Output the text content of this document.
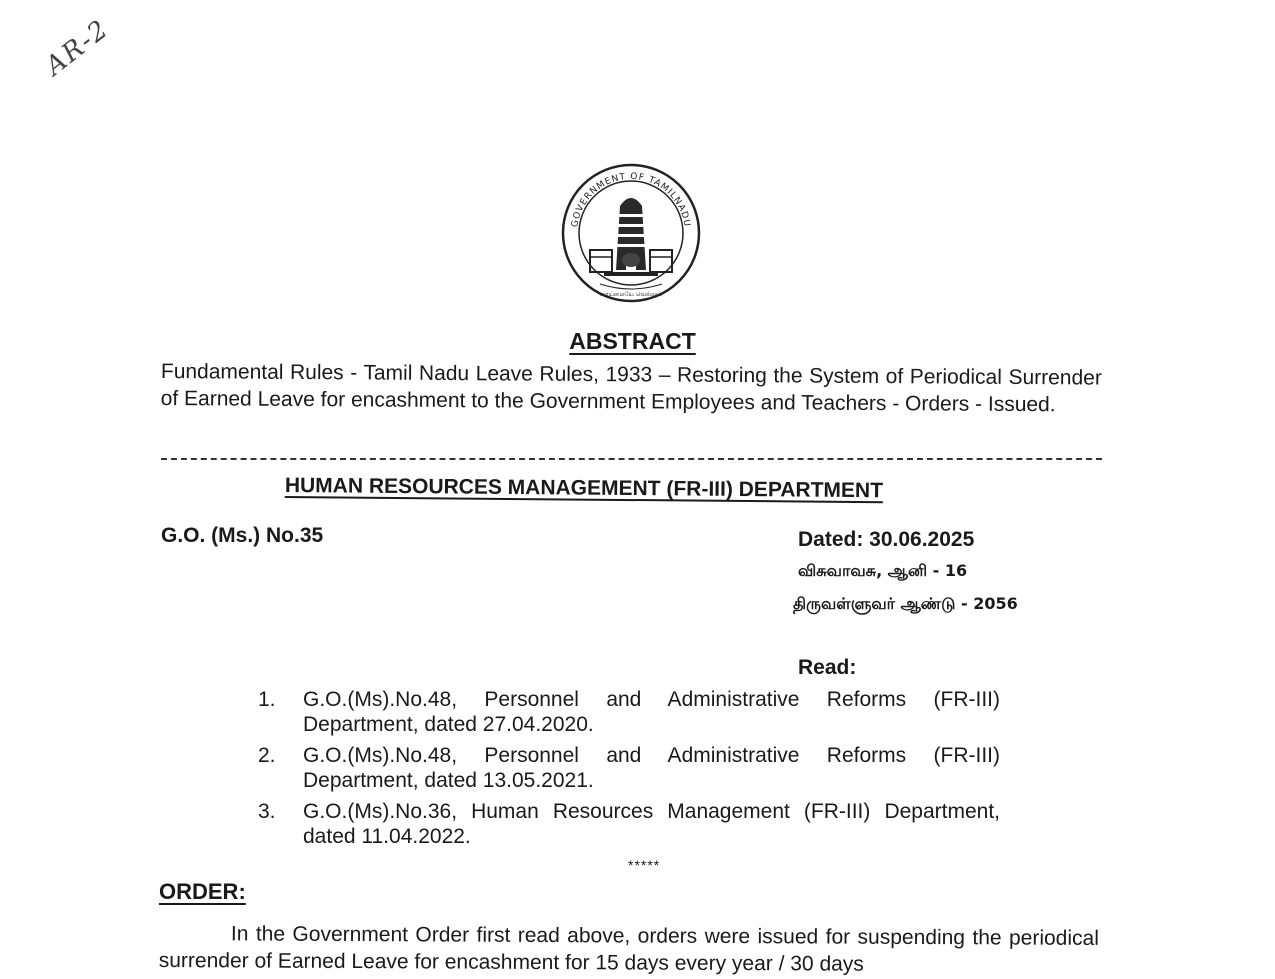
AR-2
GOVERNMENT OF TAMILNADU
வாய்மையே வெல்லும்
ABSTRACT
Fundamental Rules - Tamil Nadu Leave Rules, 1933 – Restoring the System of Periodical Surrender of Earned Leave for encashment to the Government Employees and Teachers - Orders - Issued.
HUMAN RESOURCES MANAGEMENT (FR-III) DEPARTMENT
G.O. (Ms.) No.35	Dated: 30.06.2025
விசுவாவசு, ஆனி - 16
திருவள்ளுவர் ஆண்டு - 2056
Read:
1.	G.O.(Ms).No.48, Personnel and Administrative Reforms (FR-III) Department, dated 27.04.2020.
2.	G.O.(Ms).No.48, Personnel and Administrative Reforms (FR-III) Department, dated 13.05.2021.
3.	G.O.(Ms).No.36, Human Resources Management (FR-III) Department, dated 11.04.2022.
*****
ORDER:
In the Government Order first read above, orders were issued for suspending the periodical surrender of Earned Leave for encashment for 15 days every year / 30 days
